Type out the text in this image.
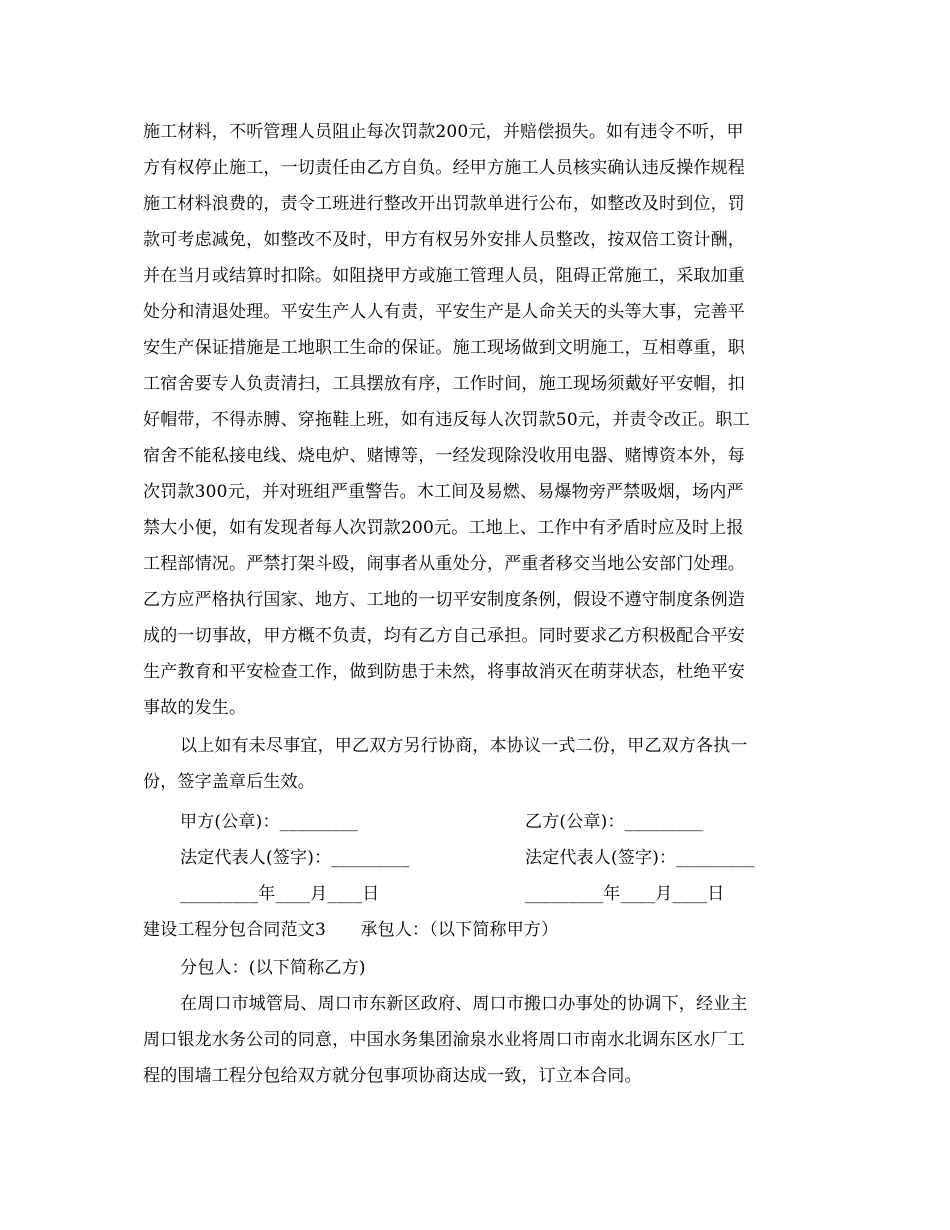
施工材料，不听管理人员阻止每次罚款200元，并赔偿损失。如有违令不听，甲
方有权停止施工，一切责任由乙方自负。经甲方施工人员核实确认违反操作规程
施工材料浪费的，责令工班进行整改开出罚款单进行公布，如整改及时到位，罚
款可考虑减免，如整改不及时，甲方有权另外安排人员整改，按双倍工资计酬，
并在当月或结算时扣除。如阻挠甲方或施工管理人员，阻碍正常施工，采取加重
处分和清退处理。平安生产人人有责，平安生产是人命关天的头等大事，完善平
安生产保证措施是工地职工生命的保证。施工现场做到文明施工，互相尊重，职
工宿舍要专人负责清扫，工具摆放有序，工作时间，施工现场须戴好平安帽，扣
好帽带，不得赤膊、穿拖鞋上班，如有违反每人次罚款50元，并责令改正。职工
宿舍不能私接电线、烧电炉、赌博等，一经发现除没收用电器、赌博资本外，每
次罚款300元，并对班组严重警告。木工间及易燃、易爆物旁严禁吸烟，场内严
禁大小便，如有发现者每人次罚款200元。工地上、工作中有矛盾时应及时上报
工程部情况。严禁打架斗殴，闹事者从重处分，严重者移交当地公安部门处理。
乙方应严格执行国家、地方、工地的一切平安制度条例，假设不遵守制度条例造
成的一切事故，甲方概不负责，均有乙方自己承担。同时要求乙方积极配合平安
生产教育和平安检查工作，做到防患于未然，将事故消灭在萌芽状态，杜绝平安
事故的发生。
以上如有未尽事宜，甲乙双方另行协商，本协议一式二份，甲乙双方各执一
份，签字盖章后生效。
甲方(公章)：_________	乙方(公章)：_________
法定代表人(签字)：_________	法定代表人(签字)：_________
_________年____月____日	_________年____月____日
建设工程分包合同范文3　　承包人：（以下简称甲方）
分包人：(以下简称乙方)
在周口市城管局、周口市东新区政府、周口市搬口办事处的协调下，经业主
周口银龙水务公司的同意，中国水务集团渝泉水业将周口市南水北调东区水厂工
程的围墙工程分包给双方就分包事项协商达成一致，订立本合同。
